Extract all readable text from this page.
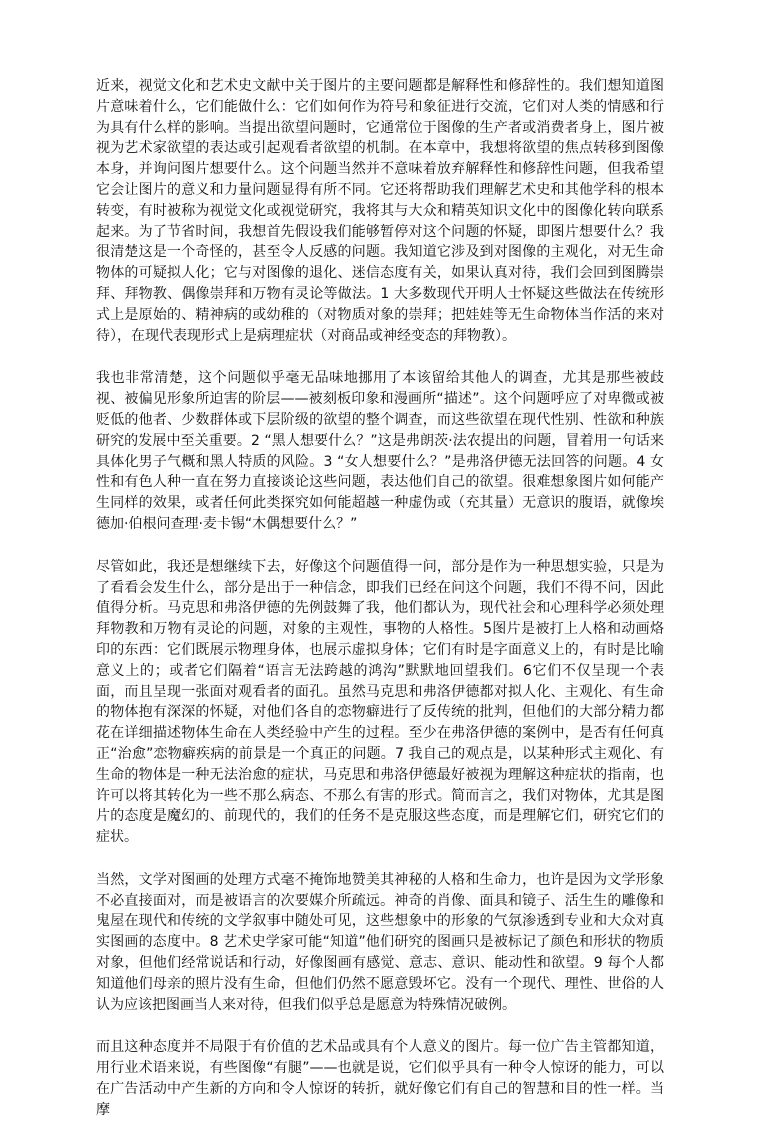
近来，视觉文化和艺术史文献中关于图片的主要问题都是解释性和修辞性的。我们想知道图片意味着什么，它们能做什么：它们如何作为符号和象征进行交流，它们对人类的情感和行为具有什么样的影响。当提出欲望问题时，它通常位于图像的生产者或消费者身上，图片被视为艺术家欲望的表达或引起观看者欲望的机制。在本章中，我想将欲望的焦点转移到图像本身，并询问图片想要什么。这个问题当然并不意味着放弃解释性和修辞性问题，但我希望它会让图片的意义和力量问题显得有所不同。它还将帮助我们理解艺术史和其他学科的根本转变，有时被称为视觉文化或视觉研究，我将其与大众和精英知识文化中的图像化转向联系起来。为了节省时间，我想首先假设我们能够暂停对这个问题的怀疑，即图片想要什么？我很清楚这是一个奇怪的，甚至令人反感的问题。我知道它涉及到对图像的主观化，对无生命物体的可疑拟人化；它与对图像的退化、迷信态度有关，如果认真对待，我们会回到图腾崇拜、拜物教、偶像崇拜和万物有灵论等做法。1 大多数现代开明人士怀疑这些做法在传统形式上是原始的、精神病的或幼稚的（对物质对象的崇拜；把娃娃等无生命物体当作活的来对待），在现代表现形式上是病理症状（对商品或神经变态的拜物教）。

我也非常清楚，这个问题似乎毫无品味地挪用了本该留给其他人的调查，尤其是那些被歧视、被偏见形象所迫害的阶层——被刻板印象和漫画所“描述”。这个问题呼应了对卑微或被贬低的他者、少数群体或下层阶级的欲望的整个调查，而这些欲望在现代性别、性欲和种族研究的发展中至关重要。2 “黑人想要什么？”这是弗朗茨·法农提出的问题，冒着用一句话来具体化男子气概和黑人特质的风险。3 “女人想要什么？”是弗洛伊德无法回答的问题。4 女性和有色人种一直在努力直接谈论这些问题，表达他们自己的欲望。很难想象图片如何能产生同样的效果，或者任何此类探究如何能超越一种虚伪或（充其量）无意识的腹语，就像埃德加·伯根问查理·麦卡锡“木偶想要什么？”

尽管如此，我还是想继续下去，好像这个问题值得一问，部分是作为一种思想实验，只是为了看看会发生什么，部分是出于一种信念，即我们已经在问这个问题，我们不得不问，因此值得分析。马克思和弗洛伊德的先例鼓舞了我，他们都认为，现代社会和心理科学必须处理拜物教和万物有灵论的问题，对象的主观性，事物的人格性。5图片是被打上人格和动画烙印的东西：它们既展示物理身体，也展示虚拟身体；它们有时是字面意义上的，有时是比喻意义上的；或者它们隔着“语言无法跨越的鸿沟”默默地回望我们。6它们不仅呈现一个表面，而且呈现一张面对观看者的面孔。虽然马克思和弗洛伊德都对拟人化、主观化、有生命的物体抱有深深的怀疑，对他们各自的恋物癖进行了反传统的批判，但他们的大部分精力都花在详细描述物体生命在人类经验中产生的过程。至少在弗洛伊德的案例中，是否有任何真正“治愈”恋物癖疾病的前景是一个真正的问题。7 我自己的观点是，以某种形式主观化、有生命的物体是一种无法治愈的症状，马克思和弗洛伊德最好被视为理解这种症状的指南，也许可以将其转化为一些不那么病态、不那么有害的形式。简而言之，我们对物体，尤其是图片的态度是魔幻的、前现代的，我们的任务不是克服这些态度，而是理解它们，研究它们的症状。

当然，文学对图画的处理方式毫不掩饰地赞美其神秘的人格和生命力，也许是因为文学形象不必直接面对，而是被语言的次要媒介所疏远。神奇的肖像、面具和镜子、活生生的雕像和鬼屋在现代和传统的文学叙事中随处可见，这些想象中的形象的气氛渗透到专业和大众对真实图画的态度中。8 艺术史学家可能“知道”他们研究的图画只是被标记了颜色和形状的物质对象，但他们经常说话和行动，好像图画有感觉、意志、意识、能动性和欲望。9 每个人都知道他们母亲的照片没有生命，但他们仍然不愿意毁坏它。没有一个现代、理性、世俗的人认为应该把图画当人来对待，但我们似乎总是愿意为特殊情况破例。

而且这种态度并不局限于有价值的艺术品或具有个人意义的图片。每一位广告主管都知道，用行业术语来说，有些图像“有腿”——也就是说，它们似乎具有一种令人惊讶的能力，可以在广告活动中产生新的方向和令人惊讶的转折，就好像它们有自己的智慧和目的性一样。当摩
